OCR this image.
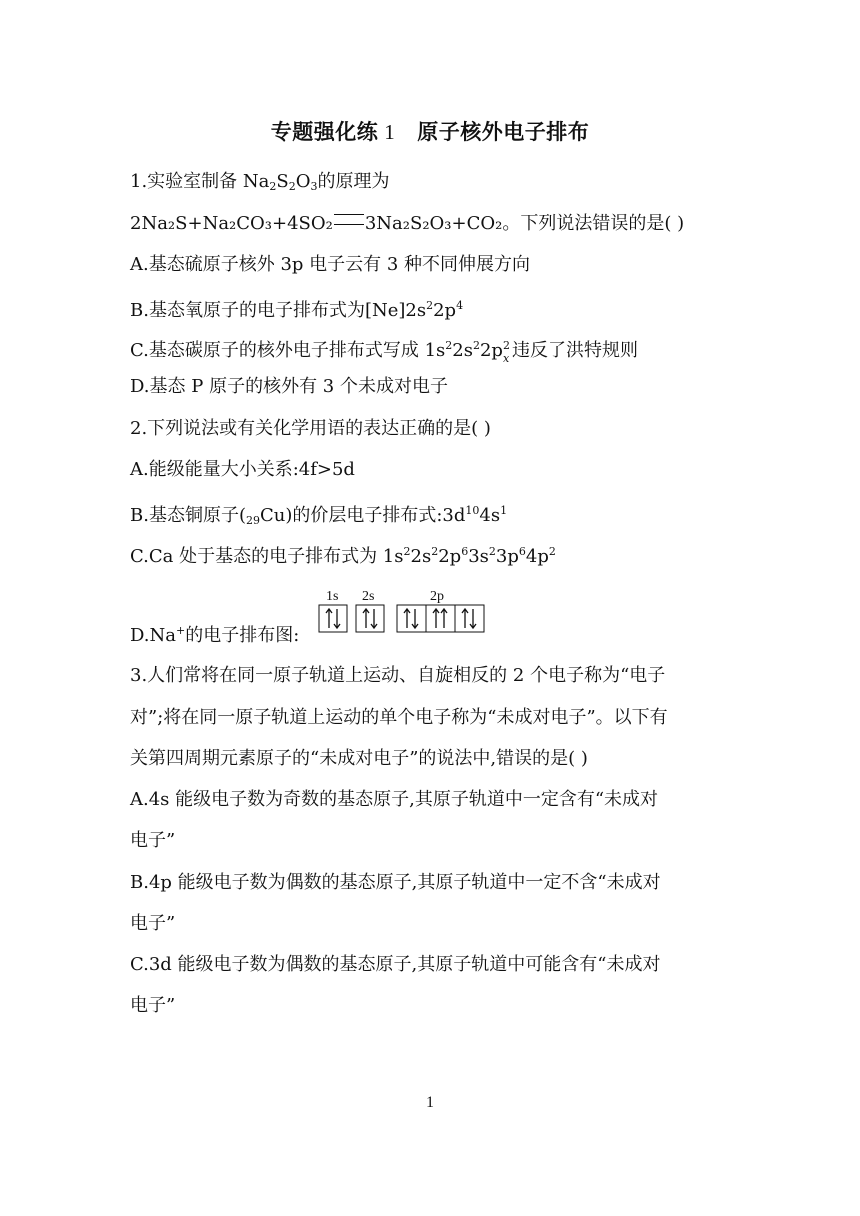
专题强化练 1 原子核外电子排布
1.实验室制备 $Na_2S_2O_3$的原理为
2Na₂S+Na₂CO₃+4SO₂ 3Na₂S₂O₃+CO₂。下列说法错误的是( )
A.基态硫原子核外 3p 电子云有 3 种不同伸展方向
B.基态氧原子的电子排布式为$[Ne]2s^22p^4$
C.基态碳原子的核外电子排布式写成 $1s^22s^22p$ 2
x 违反了洪特规则
D.基态 P 原子的核外有 3 个未成对电子
2.下列说法或有关化学用语的表达正确的是( )
A.能级能量大小关系:4f>5d
B.基态铜原子$(_{29}Cu)$的价层电子排布式$:3d^{10}4s^1$
C.Ca 处于基态的电子排布式为 $1s^22s^22p^63s^23p^64p^2$
D.Na+的电子排布图:
1s 2s	2p
3.人们常将在同一原子轨道上运动、自旋相反的 2 个电子称为“电子
对”;将在同一原子轨道上运动的单个电子称为“未成对电子”。以下有
关第四周期元素原子的“未成对电子”的说法中,错误的是( )
A.4s 能级电子数为奇数的基态原子,其原子轨道中一定含有“未成对
电子”
B.4p 能级电子数为偶数的基态原子,其原子轨道中一定不含“未成对
电子”
C.3d 能级电子数为偶数的基态原子,其原子轨道中可能含有“未成对
电子”
1
